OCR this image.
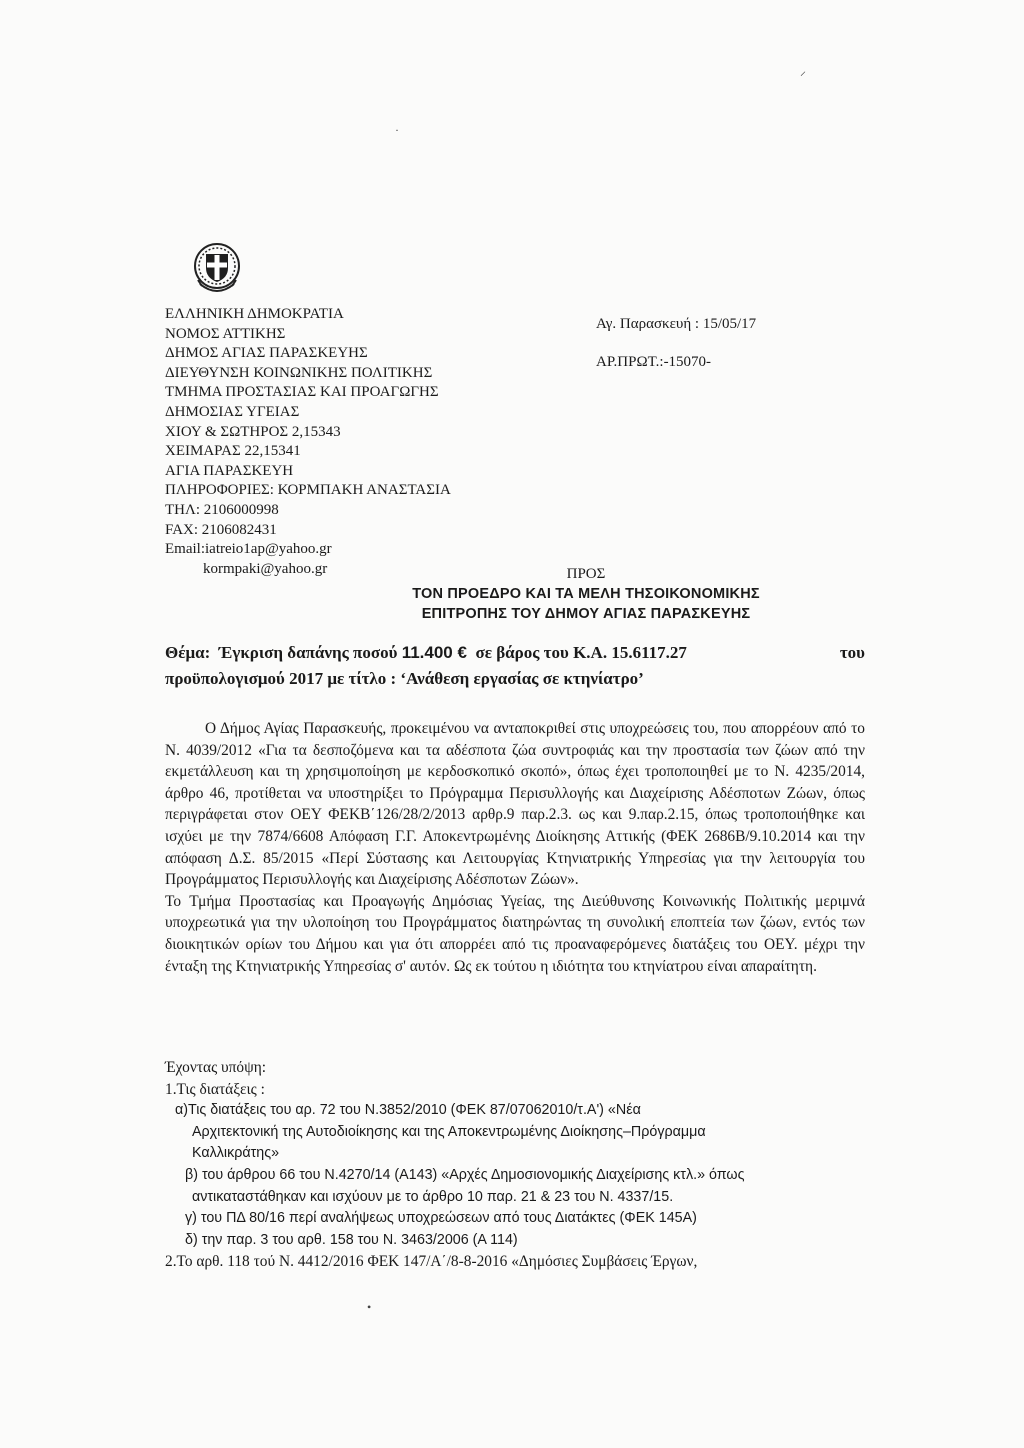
ΕΛΛΗΝΙΚΗ ΔΗΜΟΚΡΑΤΙΑ
ΝΟΜΟΣ ΑΤΤΙΚΗΣ
ΔΗΜΟΣ ΑΓΙΑΣ ΠΑΡΑΣΚΕΥΗΣ
ΔΙΕΥΘΥΝΣΗ ΚΟΙΝΩΝΙΚΗΣ ΠΟΛΙΤΙΚΗΣ
ΤΜΗΜΑ ΠΡΟΣΤΑΣΙΑΣ ΚΑΙ ΠΡΟΑΓΩΓΗΣ
ΔΗΜΟΣΙΑΣ ΥΓΕΙΑΣ
ΧΙΟΥ & ΣΩΤΗΡΟΣ 2,15343
ΧΕΙΜΑΡΑΣ 22,15341
ΑΓΙΑ ΠΑΡΑΣΚΕΥΗ
ΠΛΗΡΟΦΟΡΙΕΣ: ΚΟΡΜΠΑΚΗ ΑΝΑΣΤΑΣΙΑ
ΤΗΛ: 2106000998
FAX: 2106082431
Email:iatreio1ap@yahoo.gr
kormpaki@yahoo.gr
Αγ. Παρασκευή : 15/05/17
ΑΡ.ΠΡΩΤ.:-15070-
ΠΡΟΣ
ΤΟΝ ΠΡΟΕΔΡΟ ΚΑΙ ΤΑ ΜΕΛΗ ΤΗΣΟΙΚΟΝΟΜΙΚΗΣ
ΕΠΙΤΡΟΠΗΣ ΤΟΥ ΔΗΜΟΥ ΑΓΙΑΣ ΠΑΡΑΣΚΕΥΗΣ
Θέμα: Έγκριση δαπάνης ποσού 11.400 € σε βάρος του Κ.Α. 15.6117.27	του
προϋπολογισμού 2017 με τίτλο : ‘Ανάθεση εργασίας σε κτηνίατρο’

Ο Δήμος Αγίας Παρασκευής, προκειμένου να ανταποκριθεί στις υποχρεώσεις του, που απορρέουν από το Ν. 4039/2012 «Για τα δεσποζόμενα και τα αδέσποτα ζώα συντροφιάς και την προστασία των ζώων από την εκμετάλλευση και τη χρησιμοποίηση με κερδοσκοπικό σκοπό», όπως έχει τροποποιηθεί με το Ν. 4235/2014, άρθρο 46, προτίθεται να υποστηρίξει το Πρόγραμμα Περισυλλογής και Διαχείρισης Αδέσποτων Ζώων, όπως περιγράφεται στον ΟΕΥ ΦΕΚΒ΄126/28/2/2013 αρθρ.9 παρ.2.3. ως και 9.παρ.2.15, όπως τροποποιήθηκε και ισχύει με την 7874/6608 Απόφαση Γ.Γ. Αποκεντρωμένης Διοίκησης Αττικής (ΦΕΚ 2686Β/9.10.2014 και την απόφαση Δ.Σ. 85/2015 «Περί Σύστασης και Λειτουργίας Κτηνιατρικής Υπηρεσίας για την λειτουργία του Προγράμματος Περισυλλογής και Διαχείρισης Αδέσποτων Ζώων».

Το Τμήμα Προστασίας και Προαγωγής Δημόσιας Υγείας, της Διεύθυνσης Κοινωνικής Πολιτικής μεριμνά υποχρεωτικά για την υλοποίηση του Προγράμματος διατηρώντας τη συνολική εποπτεία των ζώων, εντός των διοικητικών ορίων του Δήμου και για ότι απορρέει από τις προαναφερόμενες διατάξεις του ΟΕΥ. μέχρι την ένταξη της Κτηνιατρικής Υπηρεσίας σ' αυτόν. Ως εκ τούτου η ιδιότητα του κτηνίατρου είναι απαραίτητη.

Έχοντας υπόψη:
1.Τις διατάξεις :
α)Τις διατάξεις του αρ. 72 του Ν.3852/2010 (ΦΕΚ 87/07062010/τ.Α') «Νέα
Αρχιτεκτονική της Αυτοδιοίκησης και της Αποκεντρωμένης Διοίκησης–Πρόγραμμα
Καλλικράτης»
β) του άρθρου 66 του Ν.4270/14 (Α143) «Αρχές Δημοσιονομικής Διαχείρισης κτλ.» όπως
αντικαταστάθηκαν και ισχύουν με το άρθρο 10 παρ. 21 & 23 του Ν. 4337/15.
γ) του ΠΔ 80/16 περί αναλήψεως υποχρεώσεων από τους Διατάκτες (ΦΕΚ 145Α)
δ) την παρ. 3 του αρθ. 158 του Ν. 3463/2006 (Α 114)
2.Το αρθ. 118 τού Ν. 4412/2016 ΦΕΚ 147/Α΄/8-8-2016 «Δημόσιες Συμβάσεις Έργων,
⸝
·
•
